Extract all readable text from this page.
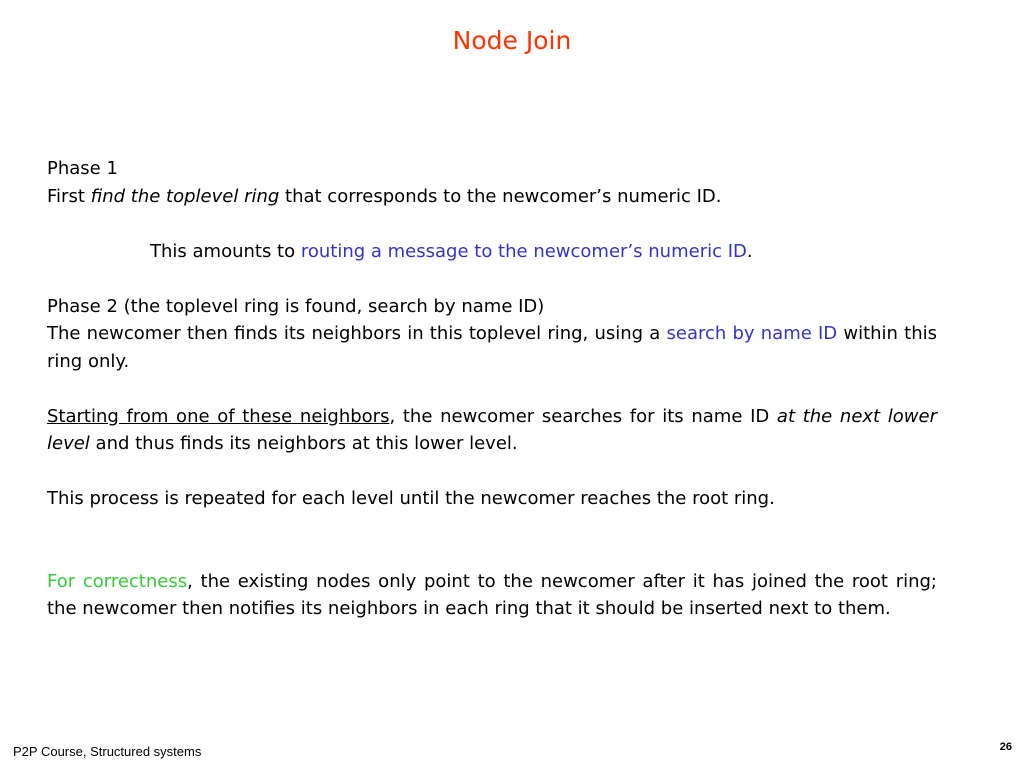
Node Join

Phase 1

First find the toplevel ring that corresponds to the newcomer’s numeric ID.

This amounts to routing a message to the newcomer’s numeric ID.

Phase 2 (the toplevel ring is found, search by name ID)

The newcomer then finds its neighbors in this toplevel ring, using a search by name ID within this ring only.

Starting from one of these neighbors, the newcomer searches for its name ID at the next lower level and thus finds its neighbors at this lower level.

This process is repeated for each level until the newcomer reaches the root ring.

For correctness, the existing nodes only point to the newcomer after it has joined the root ring; the newcomer then notifies its neighbors in each ring that it should be inserted next to them.

P2P Course, Structured systems	26
